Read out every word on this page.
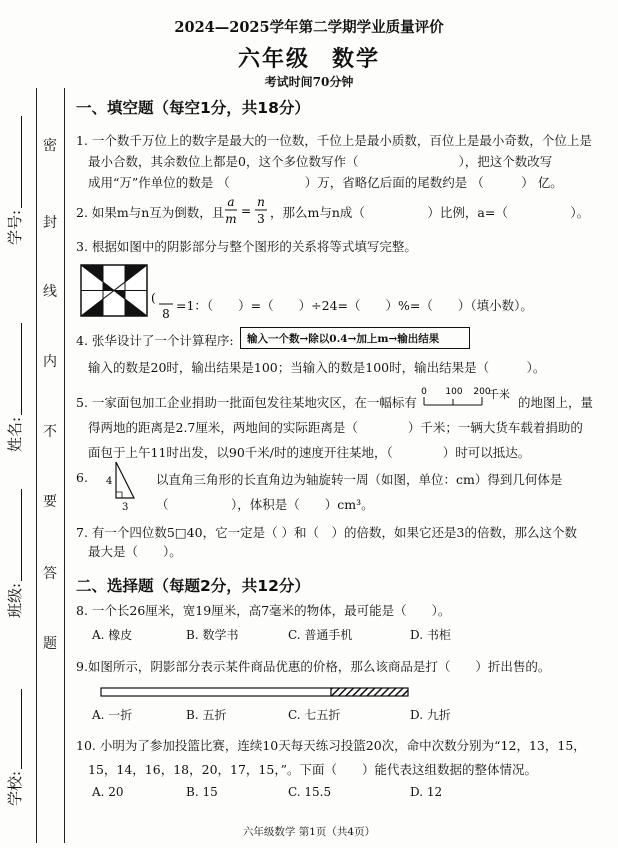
密
封
线
内
不
要
答
题
学号:
姓名:
班级:
学校:
2024—2025学年第二学期学业质量评价
六年级 数学
考试时间70分钟
一、填空题（每空1分，共18分）
1. 一个数千万位上的数字是最大的一位数，千位上是最小质数，百位上是最小奇数，个位上是
最小合数，其余数位上都是0，这个多位数写作（　　　　　　　　），把这个数改写
成用“万”作单位的数是 （　　　　　　）万，省略亿后面的尾数约是 （　　　） 亿。
2. 如果m与n互为倒数，且
a
m
=
n
3 ，那么m与n成（　　　　　）比例，a=（　　　　　）。
3. 根据如图中的阴影部分与整个图形的关系将等式填写完整。
(
8
=1：（　　）=（　　）÷24=（　　）%=（　　）（填小数）。
4. 张华设计了一个计算程序:	输入一个数→除以0.4→加上m→输出结果
输入的数是20时，输出结果是100；当输入的数是100时，输出结果是（　　　）。
5. 一家面包加工企业捐助一批面包发往某地灾区，在一幅标有
0 100 200
千米
的地图上，量
得两地的距离是2.7厘米，两地间的实际距离是（　　　　）千米；一辆大货车载着捐助的
面包于上午11时出发，以90千米/时的速度开往某地，（　　　　）时可以抵达。
6. 4
3
以直角三角形的长直角边为轴旋转一周（如图，单位：cm）得到几何体是
（　　　　　），体积是（　　）cm³。
7. 有一个四位数5□40，它一定是（ ）和（　）的倍数，如果它还是3的倍数，那么这个数
最大是（　　）。
二、选择题（每题2分，共12分）
8. 一个长26厘米，宽19厘米，高7毫米的物体，最可能是（　　）。
A. 橡皮	B. 数学书	C. 普通手机	D. 书柜
9.如图所示，阴影部分表示某件商品优惠的价格，那么该商品是打（　　）折出售的。
A. 一折	B. 五折	C. 七五折	D. 九折
10. 小明为了参加投篮比赛，连续10天每天练习投篮20次，命中次数分别为“12，13，15，
15，14，16，18，20，17，15，”。下面（　　）能代表这组数据的整体情况。
A. 20	B. 15	C. 15.5	D. 12
六年级数学 第1页（共4页）
